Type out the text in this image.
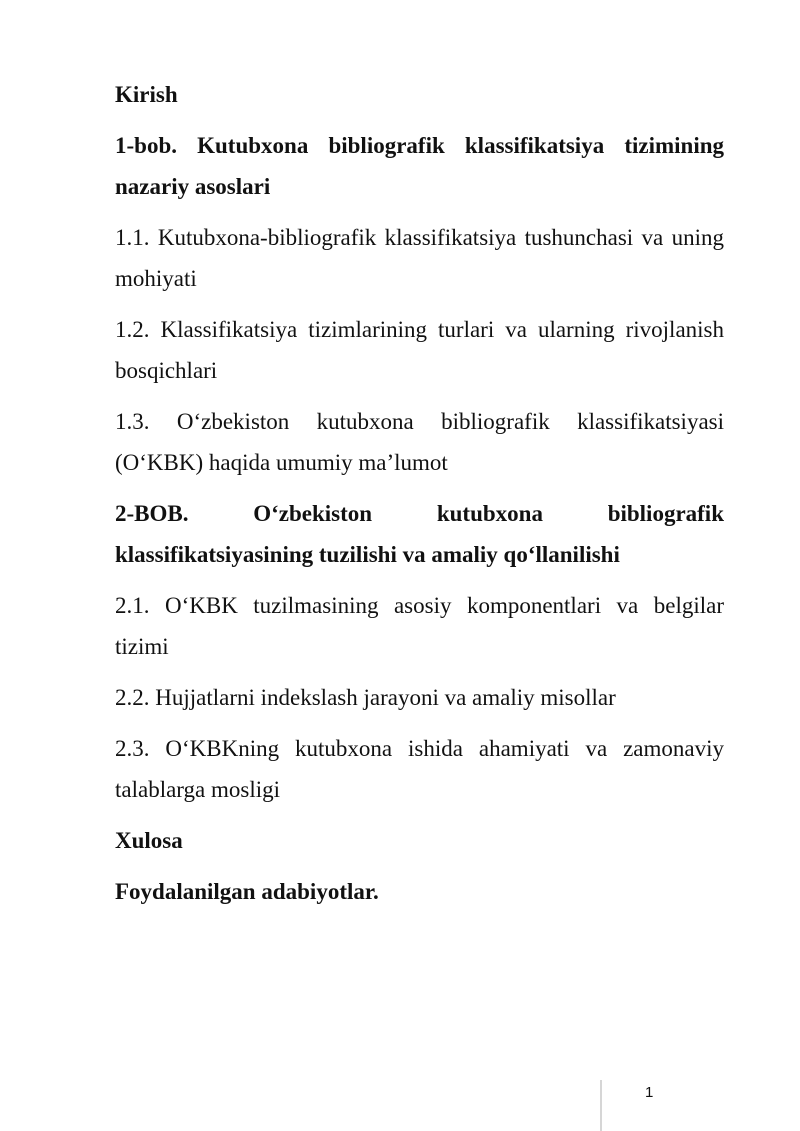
Kirish

1-bob. Kutubxona bibliografik klassifikatsiya tizimining nazariy asoslari

1.1. Kutubxona-bibliografik klassifikatsiya tushunchasi va uning mohiyati

1.2. Klassifikatsiya tizimlarining turlari va ularning rivojlanish bosqichlari

1.3. O‘zbekiston kutubxona bibliografik klassifikatsiyasi (O‘KBK) haqida umumiy ma’lumot

2-BOB. O‘zbekiston kutubxona bibliografik klassifikatsiyasining tuzilishi va amaliy qo‘llanilishi

2.1. O‘KBK tuzilmasining asosiy komponentlari va belgilar tizimi

2.2. Hujjatlarni indekslash jarayoni va amaliy misollar

2.3. O‘KBKning kutubxona ishida ahamiyati va zamonaviy talablarga mosligi

Xulosa

Foydalanilgan adabiyotlar.

1
